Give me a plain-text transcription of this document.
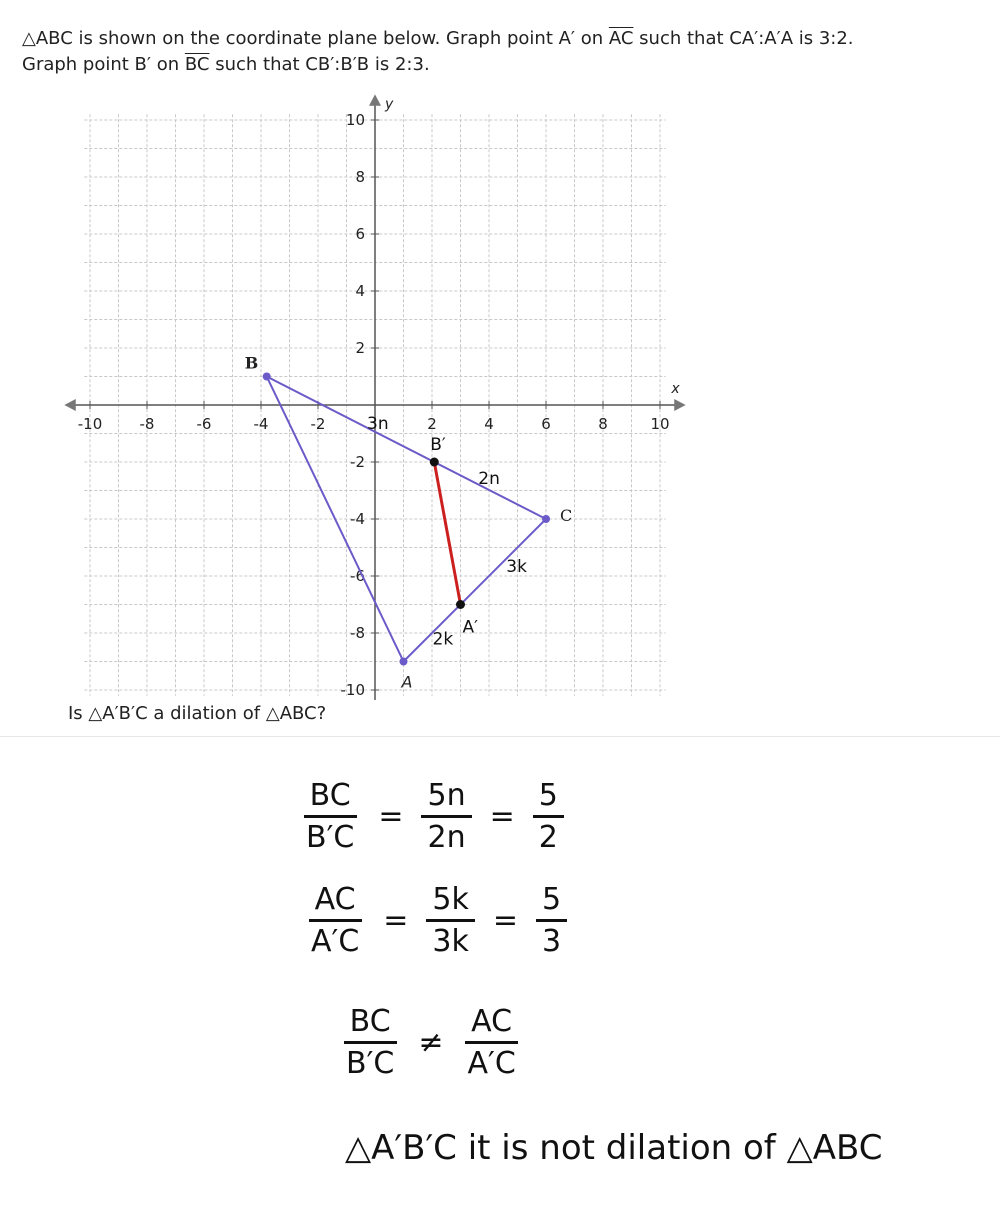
△ABC is shown on the coordinate plane below. Graph point A′ on $\overline{AC}$ such that CA′:A′A is 3:2.
Graph point B′ on $\overline{BC}$ such that CB′:B′B is 2:3.
x
y
-10 -8	-6	-4	-2	2	4	6	8	10
10
8
6
4
2
-2
-4
-6
-8
-10
B
C
A
B′
A′
3n
2n
3k
2k
Is △A′B′C a dilation of △ABC?
$\frac{BC}{B'C} = \frac{5n}{2n} = \frac{5}{2}$
$\frac{AC}{A'C} = \frac{5k}{3k} = \frac{5}{3}$
$\frac{BC}{B'C} \ne \frac{AC}{A'C}$
△A′B′C it is not dilation of △ABC
